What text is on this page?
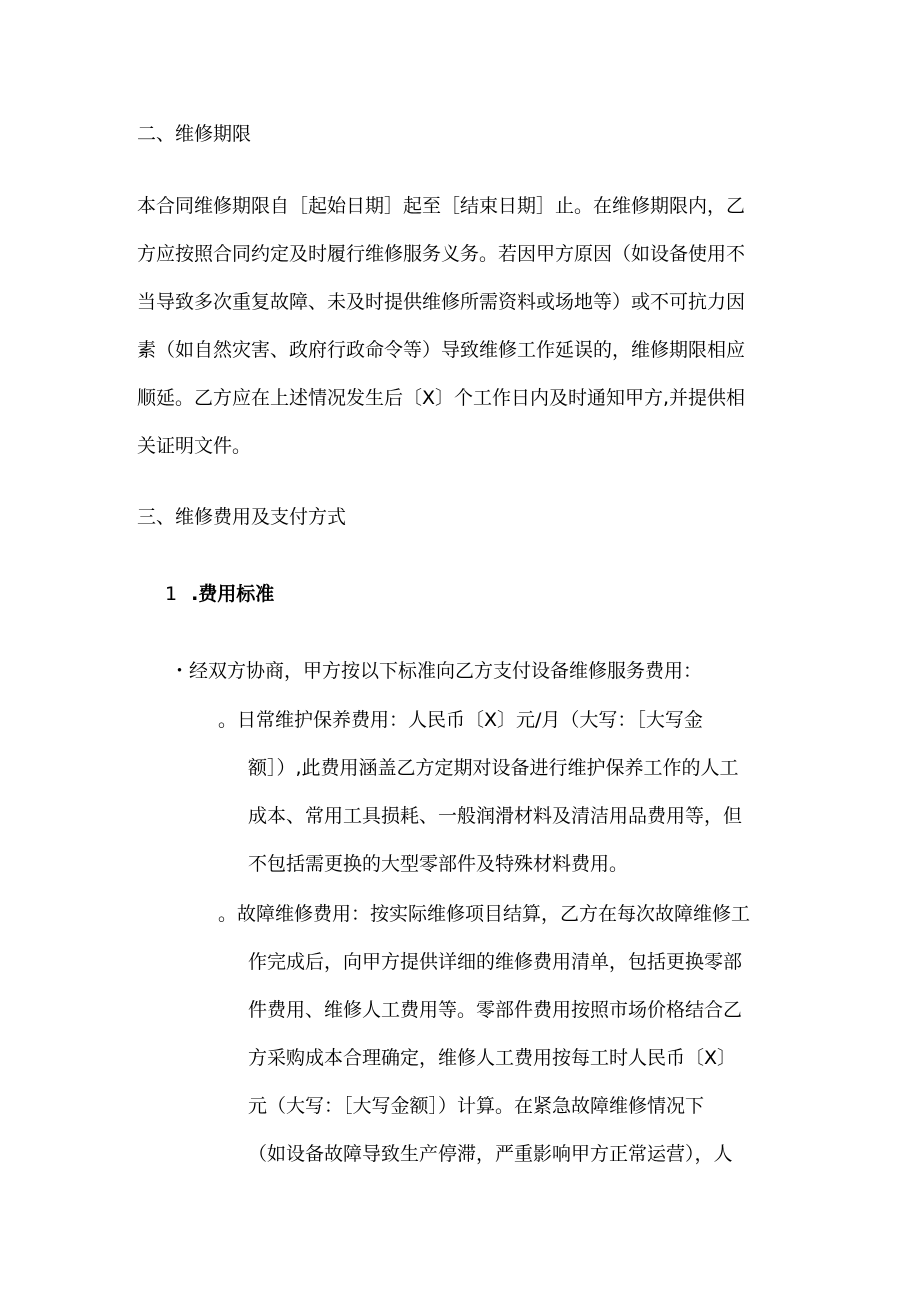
二、维修期限
本合同维修期限自［起始日期］起至［结束日期］止。在维修期限内，乙
方应按照合同约定及时履行维修服务义务。若因甲方原因（如设备使用不
当导致多次重复故障、未及时提供维修所需资料或场地等）或不可抗力因
素（如自然灾害、政府行政命令等）导致维修工作延误的，维修期限相应
顺延。乙方应在上述情况发生后〔X〕个工作日内及时通知甲方,并提供相
关证明文件。
三、维修费用及支付方式
1 .费用标准
・经双方协商，甲方按以下标准向乙方支付设备维修服务费用：
。日常维护保养费用：人民币〔X〕元/月（大写：［大写金
额］）,此费用涵盖乙方定期对设备进行维护保养工作的人工
成本、常用工具损耗、一般润滑材料及清洁用品费用等，但
不包括需更换的大型零部件及特殊材料费用。
。故障维修费用：按实际维修项目结算，乙方在每次故障维修工
作完成后，向甲方提供详细的维修费用清单，包括更换零部
件费用、维修人工费用等。零部件费用按照市场价格结合乙
方采购成本合理确定，维修人工费用按每工时人民币〔X〕
元（大写：［大写金额］）计算。在紧急故障维修情况下
（如设备故障导致生产停滞，严重影响甲方正常运营），人
